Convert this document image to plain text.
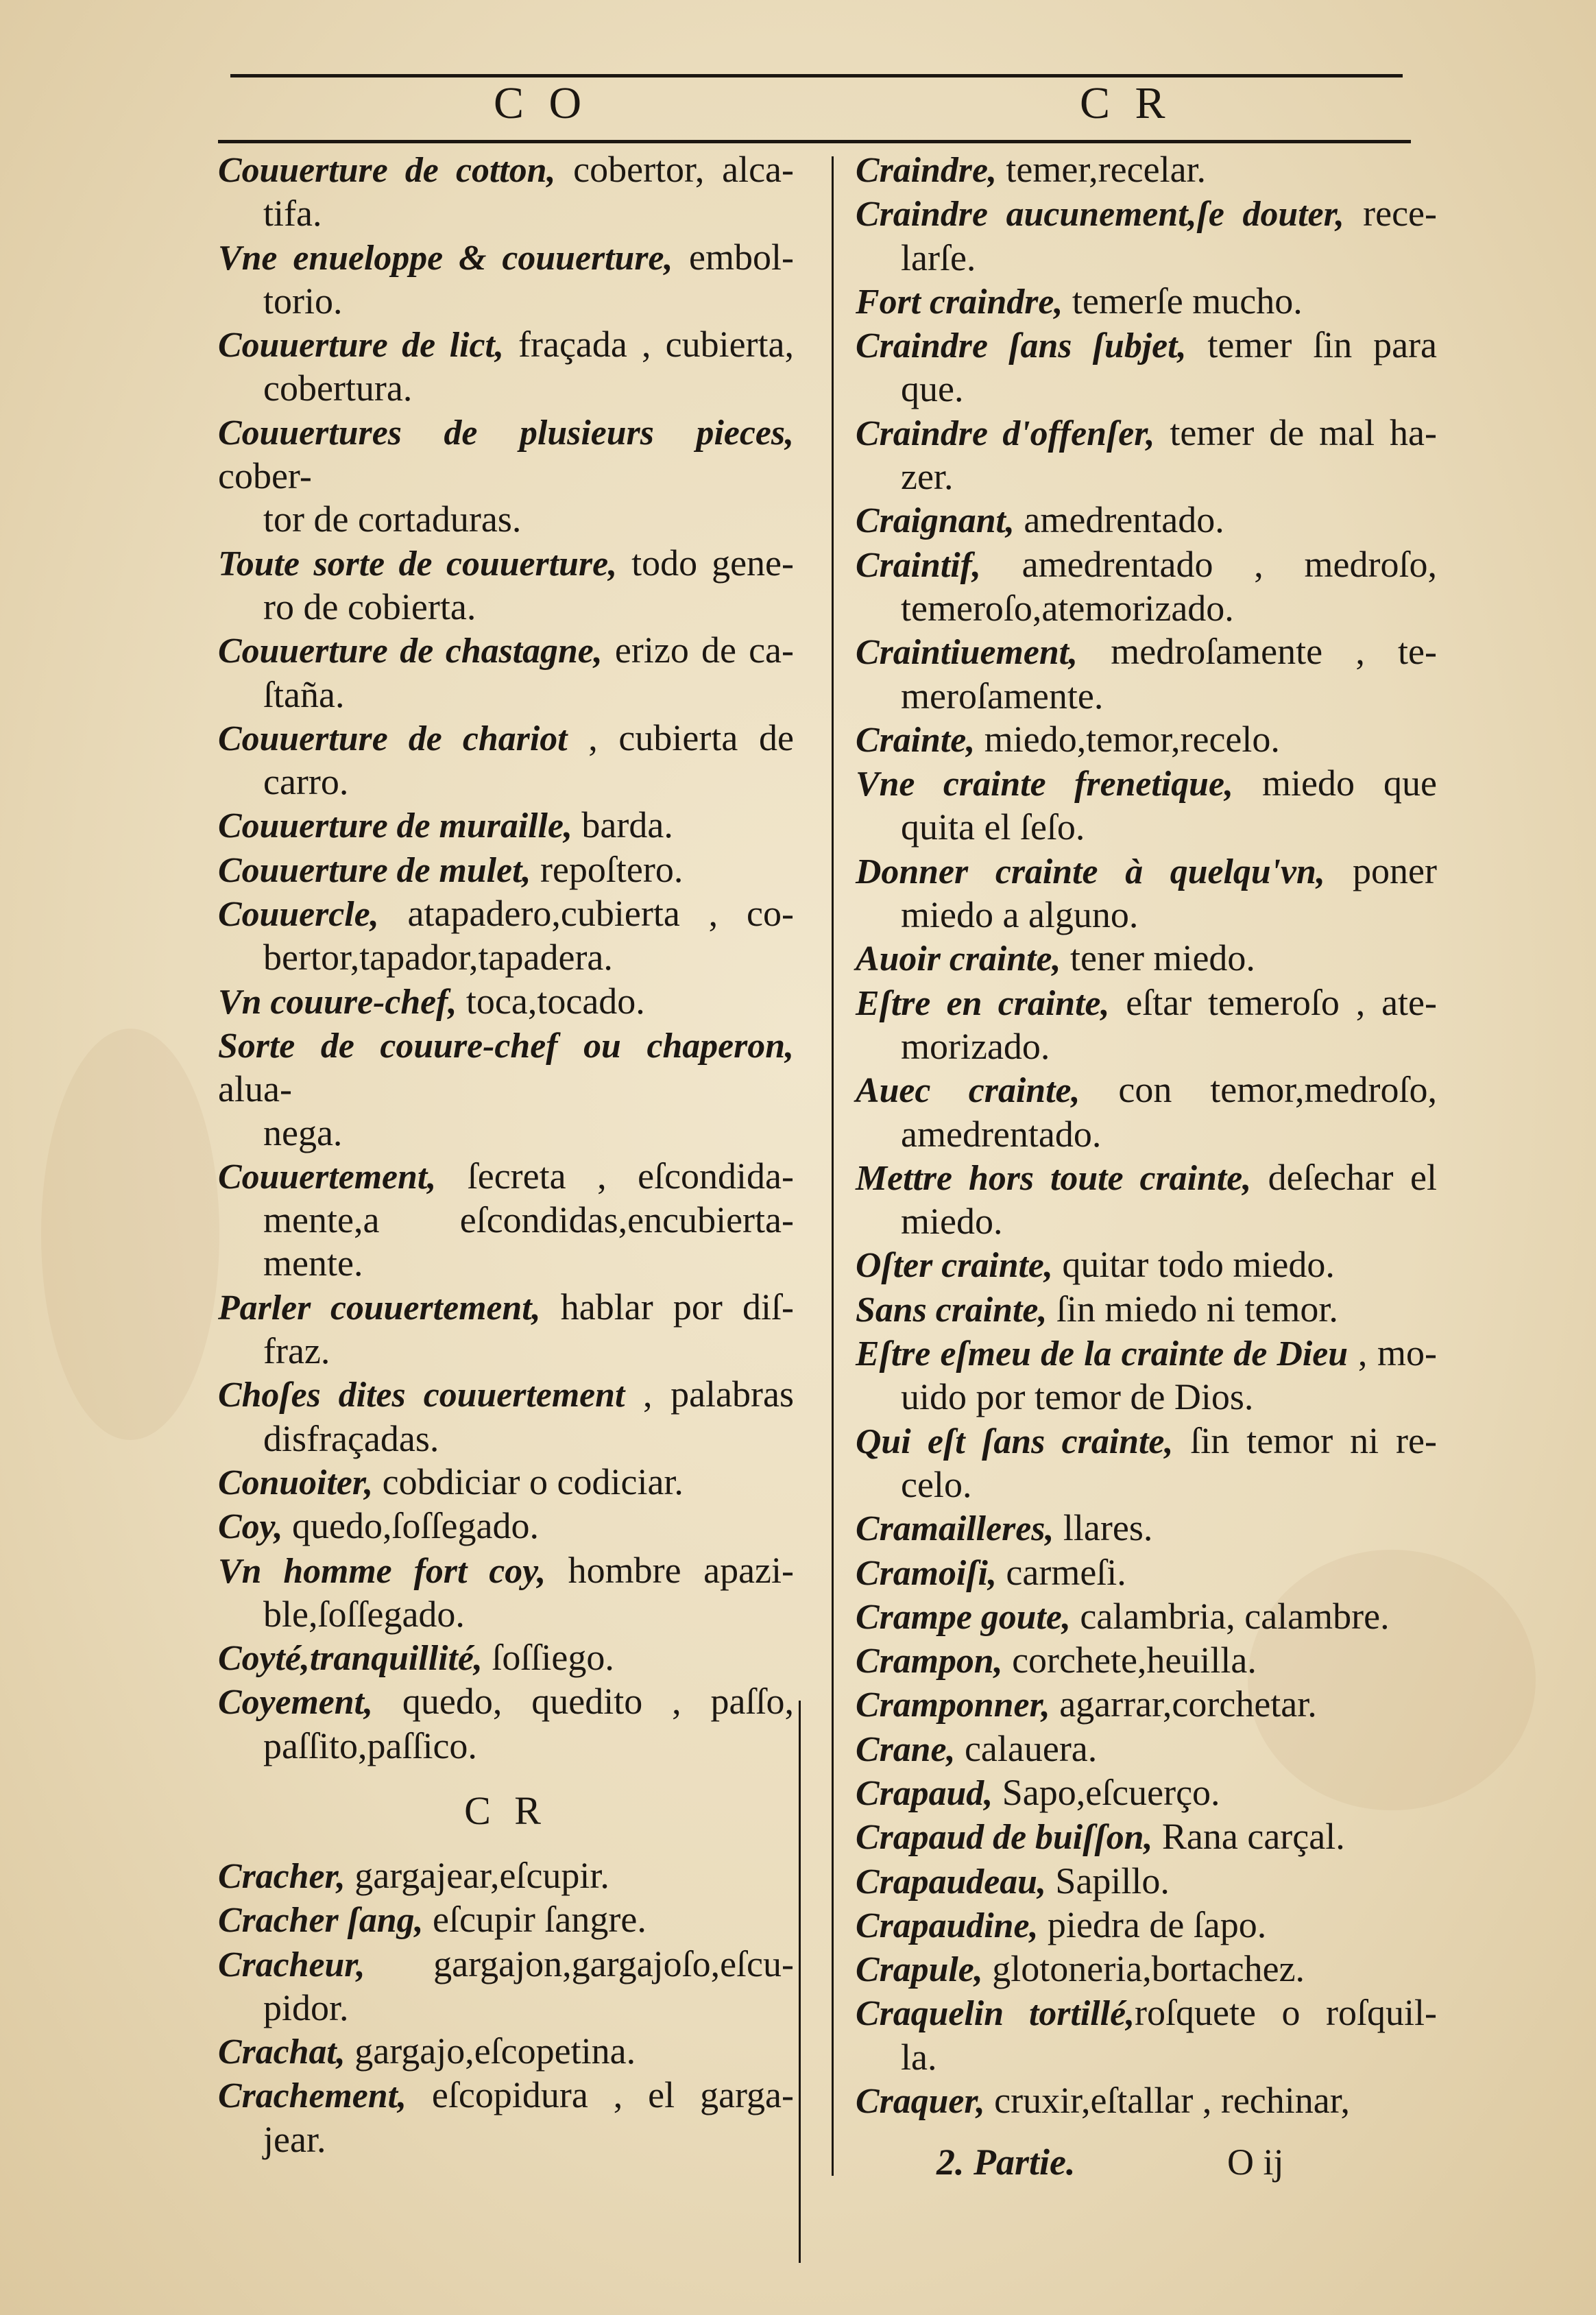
C O	C R
Couuerture de cotton, cobertor, alca-
tifa.
Vne enueloppe & couuerture, embol-
torio.
Couuerture de lict, fraçada , cubierta,
cobertura.
Couuertures de plusieurs pieces, cober-
tor de cortaduras.
Toute sorte de couuerture, todo gene-
ro de cobierta.
Couuerture de chastagne, erizo de ca-
ſtaña.
Couuerture de chariot , cubierta de
carro.
Couuerture de muraille, barda.
Couuerture de mulet, repoſtero.
Couuercle, atapadero,cubierta , co-
bertor,tapador,tapadera.
Vn couure-chef, toca,tocado.
Sorte de couure-chef ou chaperon, alua-
nega.
Couuertement, ſecreta , eſcondida-
mente,a eſcondidas,encubierta-
mente.
Parler couuertement, hablar por diſ-
fraz.
Choſes dites couuertement , palabras
disfraçadas.
Conuoiter, cobdiciar o codiciar.
Coy, quedo,ſoſſegado.
Vn homme fort coy, hombre apazi-
ble,ſoſſegado.
Coyté,tranquillité, ſoſſiego.
Coyement, quedo, quedito , paſſo,
paſſito,paſſico.
C R
Cracher, gargajear,eſcupir.
Cracher ſang, eſcupir ſangre.
Cracheur, gargajon,gargajoſo,eſcu-
pidor.
Crachat, gargajo,eſcopetina.
Crachement, eſcopidura , el garga-
jear.
Craindre, temer,recelar.
Craindre aucunement,ſe douter, rece-
larſe.
Fort craindre, temerſe mucho.
Craindre ſans ſubjet, temer ſin para
que.
Craindre d'offenſer, temer de mal ha-
zer.
Craignant, amedrentado.
Craintif, amedrentado , medroſo,
temeroſo,atemorizado.
Craintiuement, medroſamente , te-
meroſamente.
Crainte, miedo,temor,recelo.
Vne crainte frenetique, miedo que
quita el ſeſo.
Donner crainte à quelqu'vn, poner
miedo a alguno.
Auoir crainte, tener miedo.
Eſtre en crainte, eſtar temeroſo , ate-
morizado.
Auec crainte, con temor,medroſo,
amedrentado.
Mettre hors toute crainte, deſechar el
miedo.
Oſter crainte, quitar todo miedo.
Sans crainte, ſin miedo ni temor.
Eſtre eſmeu de la crainte de Dieu , mo-
uido por temor de Dios.
Qui eſt ſans crainte, ſin temor ni re-
celo.
Cramailleres, llares.
Cramoiſi, carmeſi.
Crampe goute, calambria, calambre.
Crampon, corchete,heuilla.
Cramponner, agarrar,corchetar.
Crane, calauera.
Crapaud, Sapo,eſcuerço.
Crapaud de buiſſon, Rana carçal.
Crapaudeau, Sapillo.
Crapaudine, piedra de ſapo.
Crapule, glotoneria,bortachez.
Craquelin tortillé,roſquete o roſquil-
la.
Craquer, cruxir,eſtallar , rechinar,
2. Partie.	O ij
